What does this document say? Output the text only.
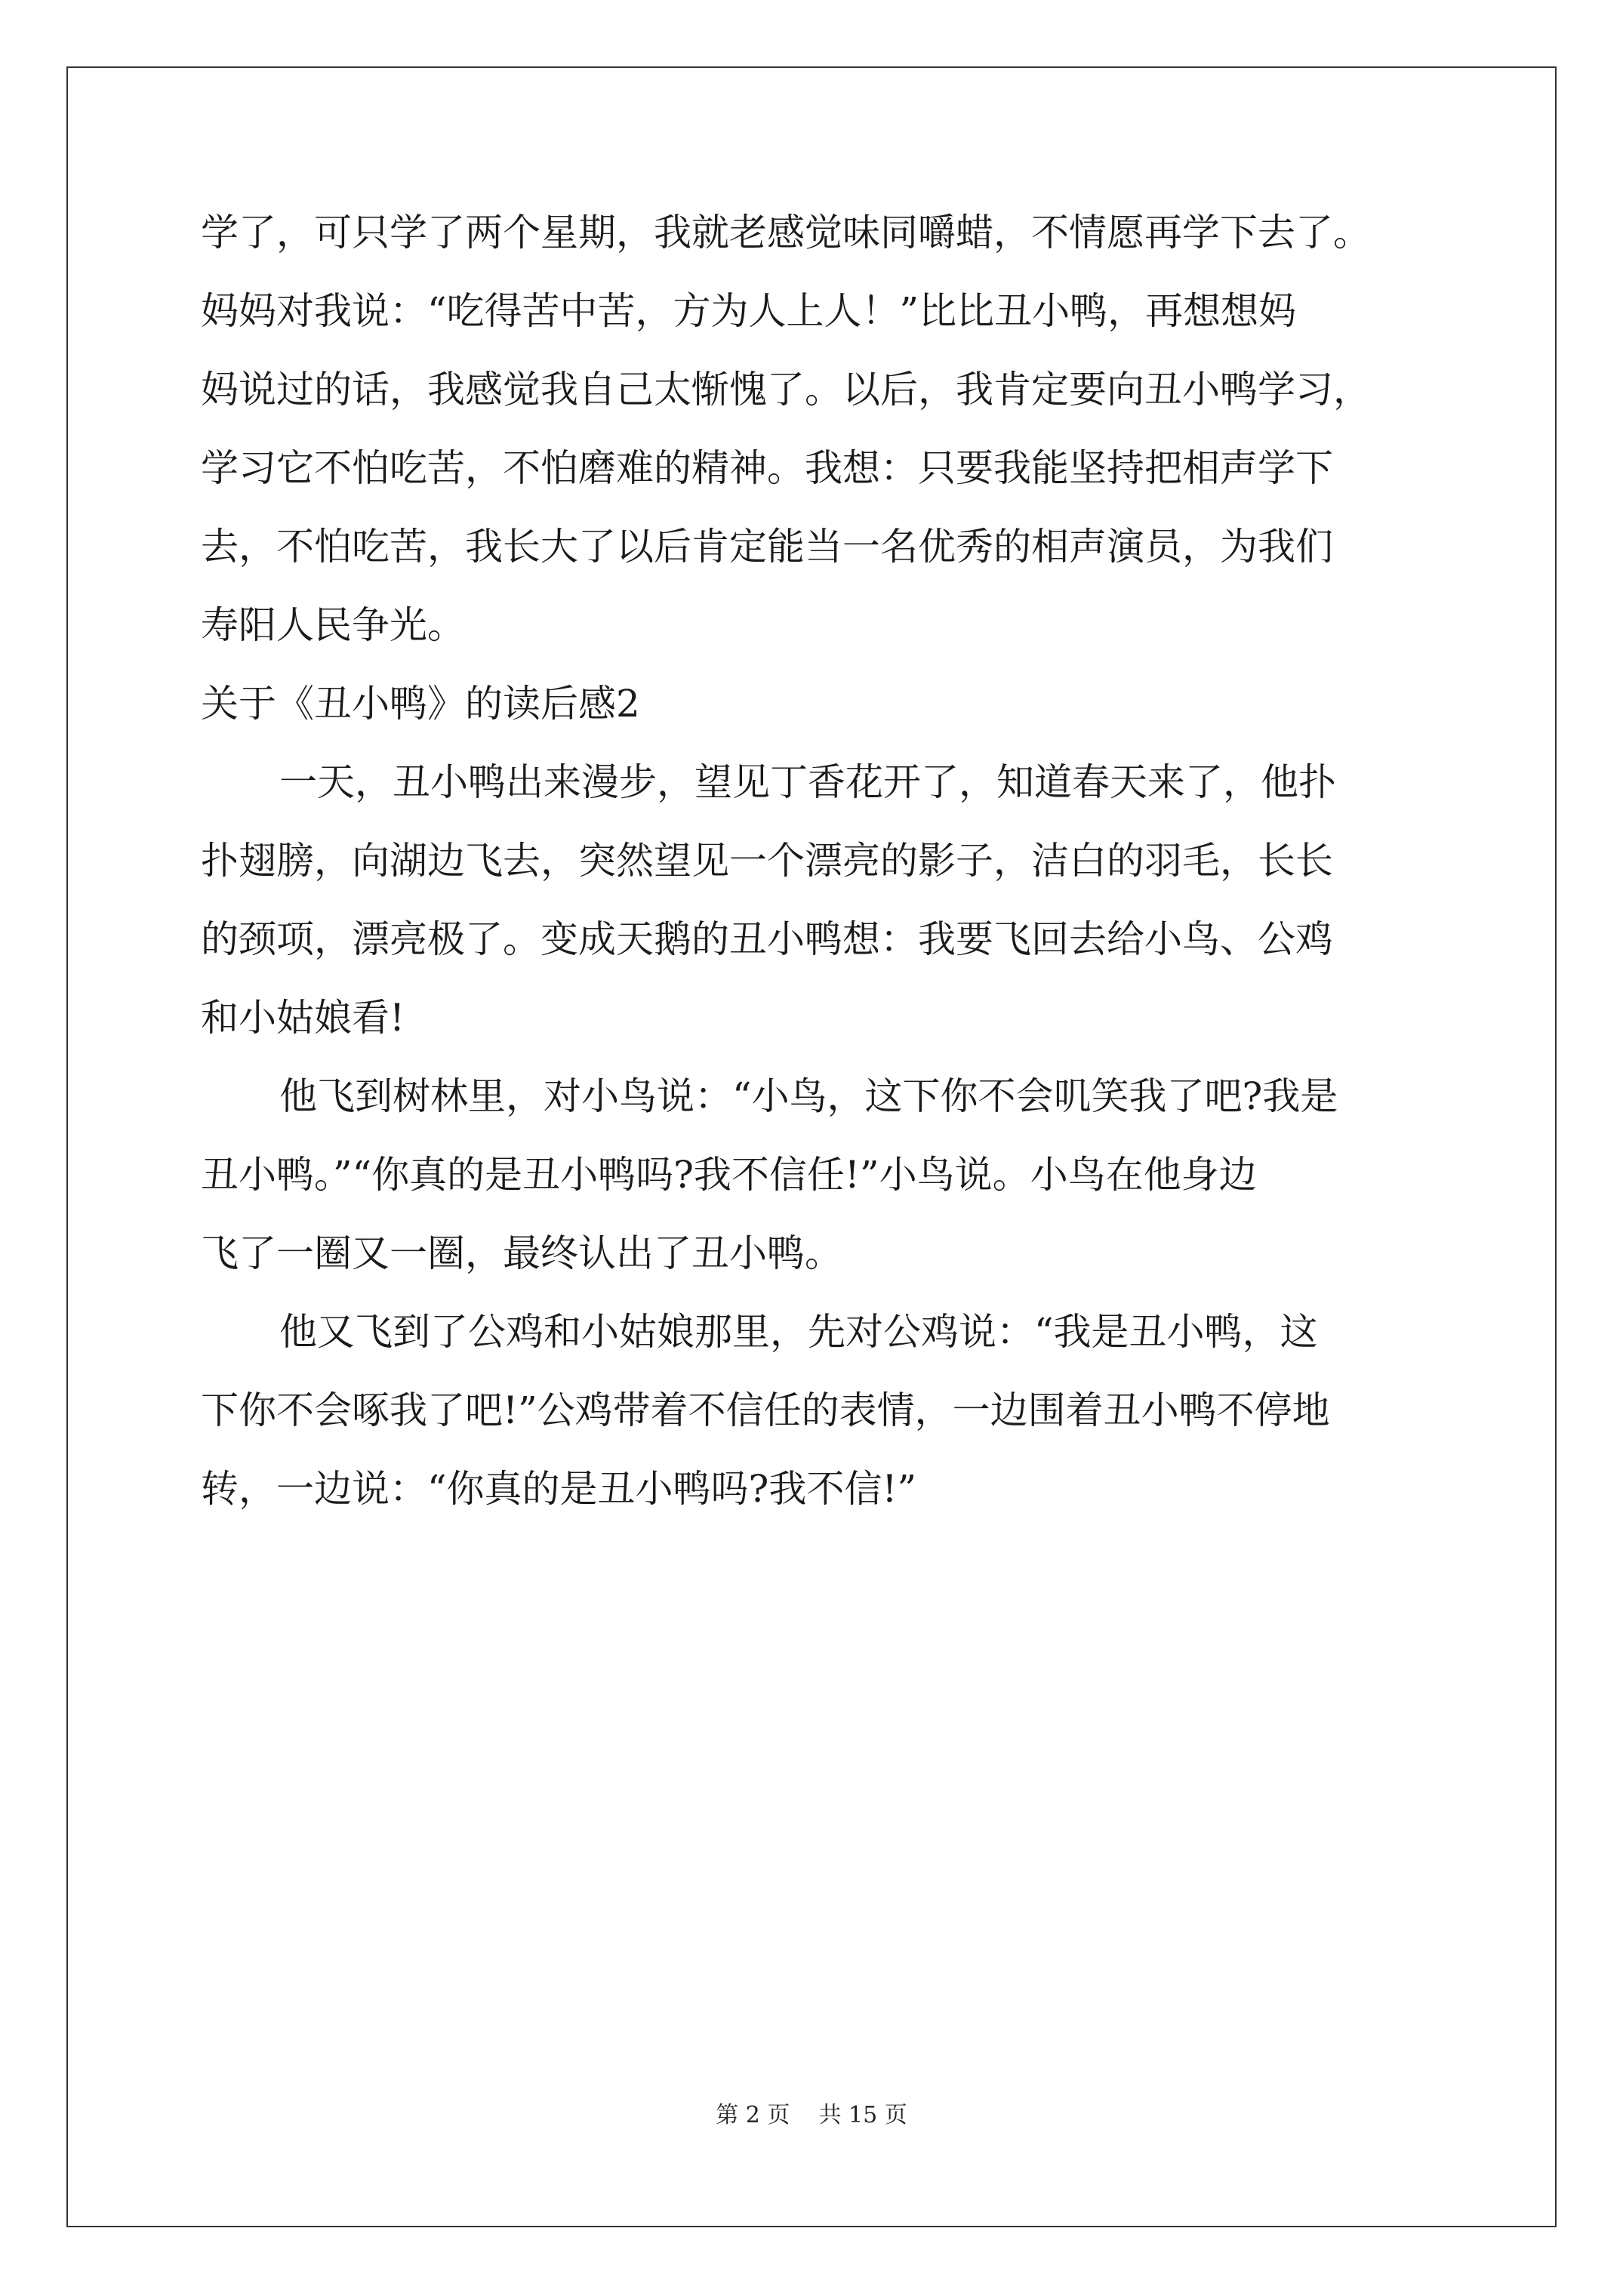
学了，可只学了两个星期，我就老感觉味同嚼蜡，不情愿再学下去了。
妈妈对我说：“吃得苦中苦，方为人上人！”比比丑小鸭，再想想妈
妈说过的话，我感觉我自己太惭愧了。以后，我肯定要向丑小鸭学习，
学习它不怕吃苦，不怕磨难的精神。我想：只要我能坚持把相声学下
去，不怕吃苦，我长大了以后肯定能当一名优秀的相声演员，为我们
寿阳人民争光。
关于《丑小鸭》的读后感2
一天，丑小鸭出来漫步，望见丁香花开了，知道春天来了，他扑
扑翅膀，向湖边飞去，突然望见一个漂亮的影子，洁白的羽毛，长长
的颈项，漂亮极了。变成天鹅的丑小鸭想：我要飞回去给小鸟、公鸡
和小姑娘看!
他飞到树林里，对小鸟说：“小鸟，这下你不会叽笑我了吧?我是
丑小鸭。”“你真的是丑小鸭吗?我不信任!”小鸟说。小鸟在他身边
飞了一圈又一圈，最终认出了丑小鸭。
他又飞到了公鸡和小姑娘那里，先对公鸡说：“我是丑小鸭，这
下你不会啄我了吧!”公鸡带着不信任的表情，一边围着丑小鸭不停地
转，一边说：“你真的是丑小鸭吗?我不信!”
第 2 页    共 15 页
